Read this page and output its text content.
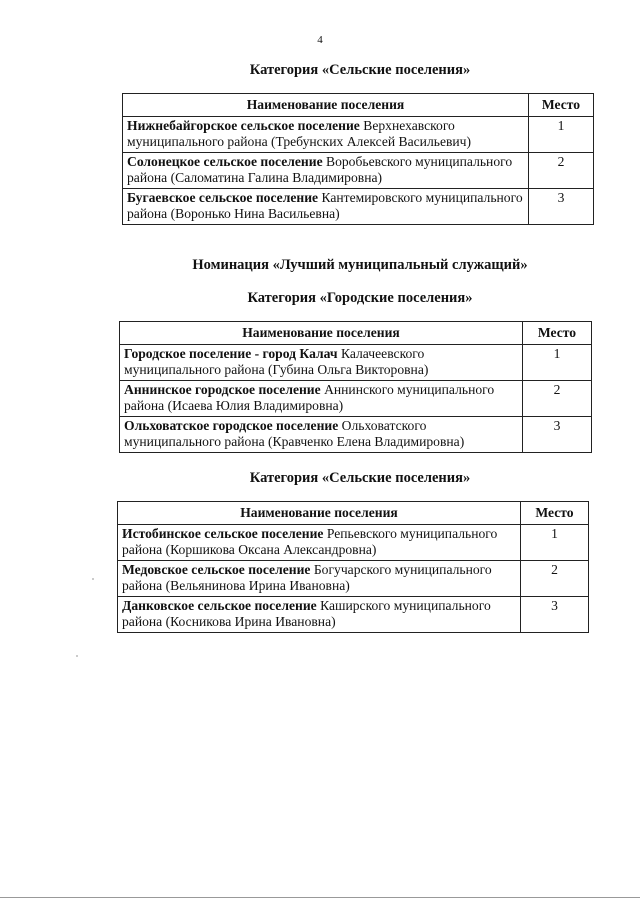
4
Категория «Сельские поселения»
Наименование поселения	Место
Нижнебайгорское сельское поселение Верхнехавского муниципального района (Требунских Алексей Васильевич)	1
Солонецкое сельское поселение Воробьевского муниципального района (Саломатина Галина Владимировна)	2
Бугаевское сельское поселение Кантемировского муниципального района (Воронько Нина Васильевна)	3
Номинация «Лучший муниципальный служащий»
Категория «Городские поселения»
Наименование поселения	Место
Городское поселение - город Калач Калачеевского муниципального района (Губина Ольга Викторовна)	1
Аннинское городское поселение Аннинского муниципального района (Исаева Юлия Владимировна)	2
Ольховатское городское поселение Ольховатского муниципального района (Кравченко Елена Владимировна)	3
Категория «Сельские поселения»
Наименование поселения	Место
Истобинское сельское поселение Репьевского муниципального района (Коршикова Оксана Александровна)	1
Медовское сельское поселение Богучарского муниципального района (Вельянинова Ирина Ивановна)	2
Данковское сельское поселение Каширского муниципального района (Косникова Ирина Ивановна)	3
